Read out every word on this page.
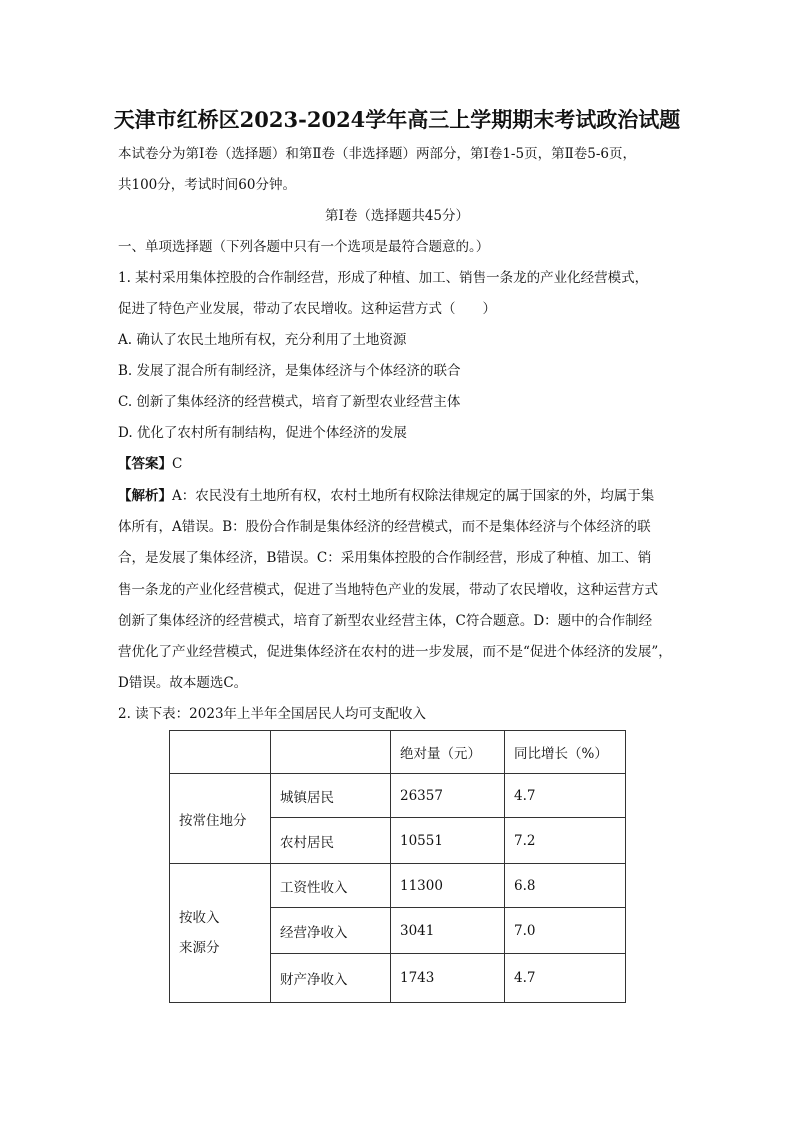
天津市红桥区2023-2024学年高三上学期期末考试政治试题
本试卷分为第Ⅰ卷（选择题）和第Ⅱ卷（非选择题）两部分，第Ⅰ卷1-5页，第Ⅱ卷5-6页，
共100分，考试时间60分钟。
第Ⅰ卷（选择题共45分）
一、单项选择题（下列各题中只有一个选项是最符合题意的。）
1. 某村采用集体控股的合作制经营，形成了种植、加工、销售一条龙的产业化经营模式，
促进了特色产业发展，带动了农民增收。这种运营方式（　　）
A. 确认了农民土地所有权，充分利用了土地资源
B. 发展了混合所有制经济，是集体经济与个体经济的联合
C. 创新了集体经济的经营模式，培育了新型农业经营主体
D. 优化了农村所有制结构，促进个体经济的发展
【答案】C
【解析】A：农民没有土地所有权，农村土地所有权除法律规定的属于国家的外，均属于集
体所有，A错误。B：股份合作制是集体经济的经营模式，而不是集体经济与个体经济的联
合，是发展了集体经济，B错误。C：采用集体控股的合作制经营，形成了种植、加工、销
售一条龙的产业化经营模式，促进了当地特色产业的发展，带动了农民增收，这种运营方式
创新了集体经济的经营模式，培育了新型农业经营主体，C符合题意。D：题中的合作制经
营优化了产业经营模式，促进集体经济在农村的进一步发展，而不是“促进个体经济的发展”，
D错误。故本题选C。
2. 读下表：2023年上半年全国居民人均可支配收入
		绝对量（元）	同比增长（%）
按常住地分	城镇居民	26357	4.7
	农村居民	10551	7.2

按收入
来源分	工资性收入	11300	6.8
	经营净收入	3041	7.0
	财产净收入	1743	4.7
